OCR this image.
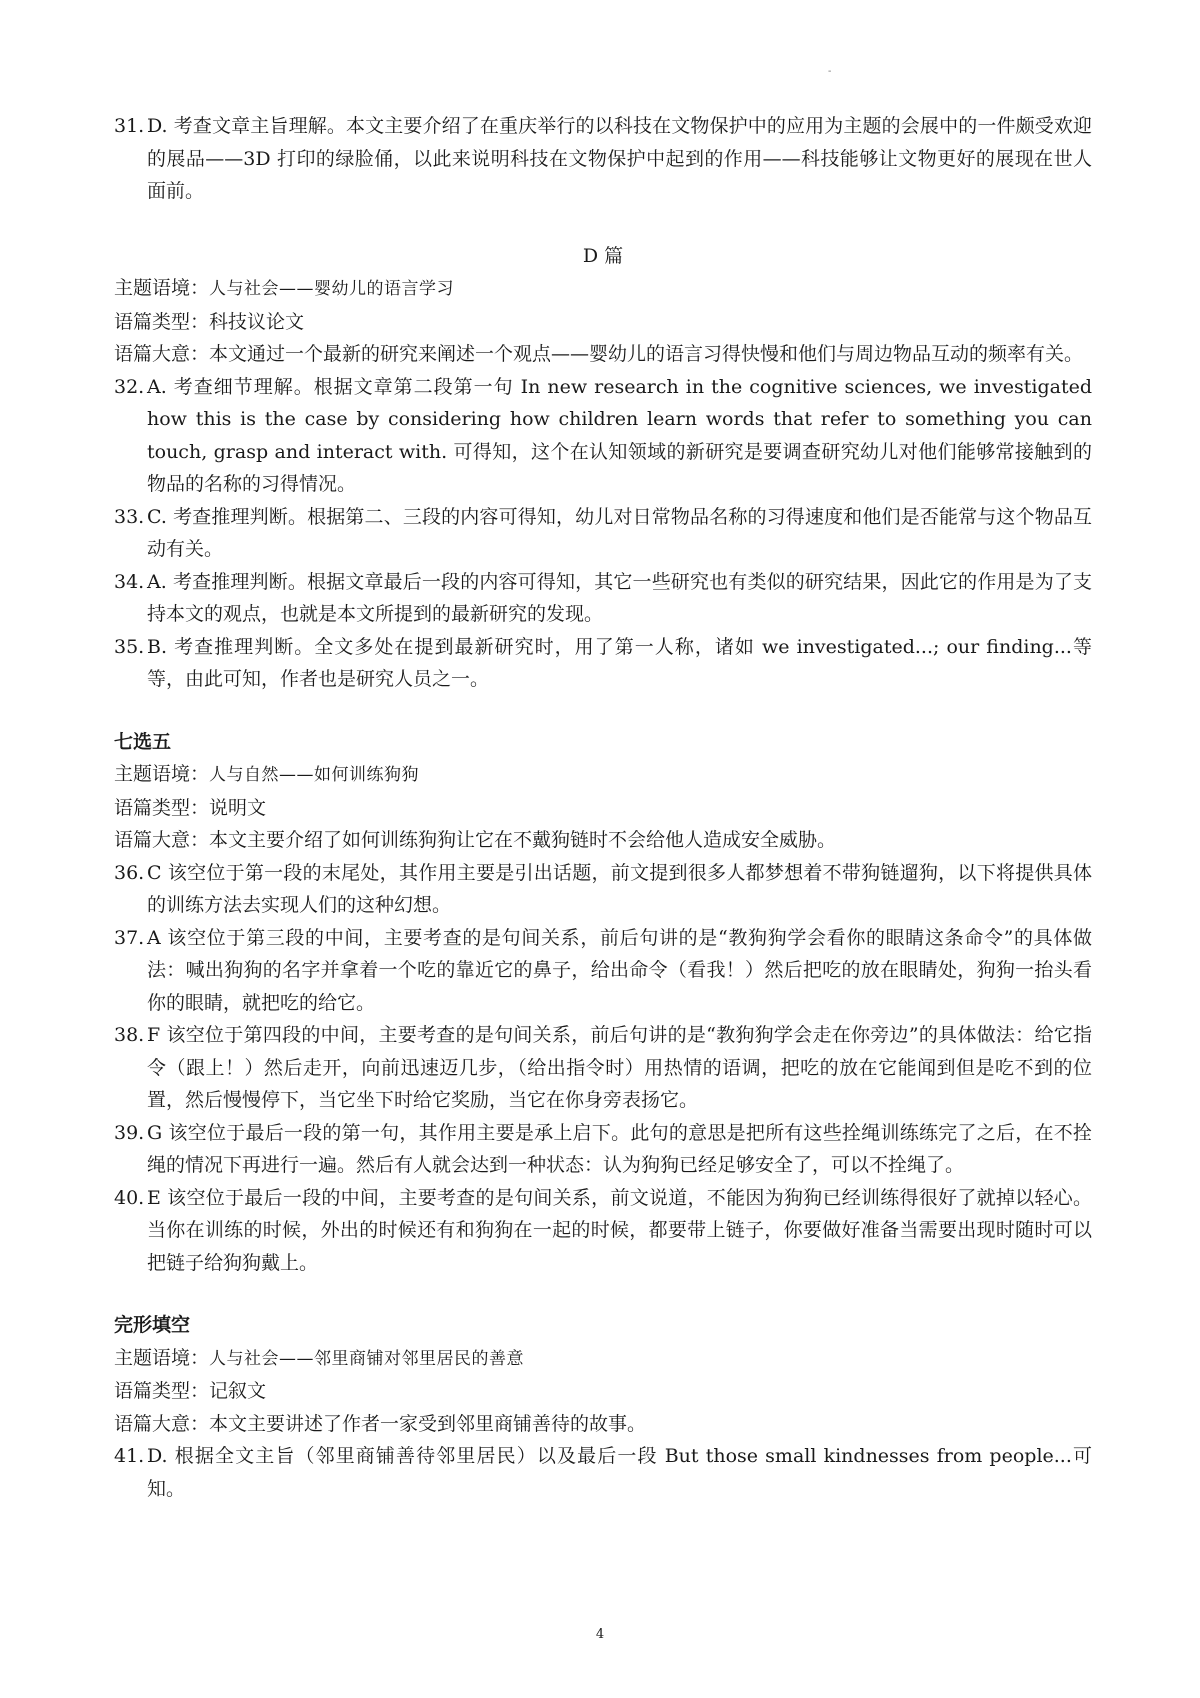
-
31. D. 考查文章主旨理解。本文主要介绍了在重庆举行的以科技在文物保护中的应用为主题的会展中的一件颇受欢迎的展品——3D 打印的绿脸俑，以此来说明科技在文物保护中起到的作用——科技能够让文物更好的展现在世人面前。
D 篇
主题语境：人与社会——婴幼儿的语言学习
语篇类型：科技议论文
语篇大意：本文通过一个最新的研究来阐述一个观点——婴幼儿的语言习得快慢和他们与周边物品互动的频率有关。
32. A. 考查细节理解。根据文章第二段第一句 In new research in the cognitive sciences, we investigated how this is the case by considering how children learn words that refer to something you can touch, grasp and interact with. 可得知，这个在认知领域的新研究是要调查研究幼儿对他们能够常接触到的物品的名称的习得情况。
33. C. 考查推理判断。根据第二、三段的内容可得知，幼儿对日常物品名称的习得速度和他们是否能常与这个物品互动有关。
34. A. 考查推理判断。根据文章最后一段的内容可得知，其它一些研究也有类似的研究结果，因此它的作用是为了支持本文的观点，也就是本文所提到的最新研究的发现。
35. B. 考查推理判断。全文多处在提到最新研究时，用了第一人称，诸如 we investigated...; our finding...等等，由此可知，作者也是研究人员之一。
七选五
主题语境：人与自然——如何训练狗狗
语篇类型：说明文
语篇大意：本文主要介绍了如何训练狗狗让它在不戴狗链时不会给他人造成安全威胁。
36. C 该空位于第一段的末尾处，其作用主要是引出话题，前文提到很多人都梦想着不带狗链遛狗，以下将提供具体的训练方法去实现人们的这种幻想。
37. A 该空位于第三段的中间，主要考查的是句间关系，前后句讲的是“教狗狗学会看你的眼睛这条命令”的具体做法：喊出狗狗的名字并拿着一个吃的靠近它的鼻子，给出命令（看我！）然后把吃的放在眼睛处，狗狗一抬头看你的眼睛，就把吃的给它。
38. F 该空位于第四段的中间，主要考查的是句间关系，前后句讲的是“教狗狗学会走在你旁边”的具体做法：给它指令（跟上！）然后走开，向前迅速迈几步，（给出指令时）用热情的语调，把吃的放在它能闻到但是吃不到的位置，然后慢慢停下，当它坐下时给它奖励，当它在你身旁表扬它。
39. G 该空位于最后一段的第一句，其作用主要是承上启下。此句的意思是把所有这些拴绳训练练完了之后，在不拴绳的情况下再进行一遍。然后有人就会达到一种状态：认为狗狗已经足够安全了，可以不拴绳了。
40. E 该空位于最后一段的中间，主要考查的是句间关系，前文说道，不能因为狗狗已经训练得很好了就掉以轻心。当你在训练的时候，外出的时候还有和狗狗在一起的时候，都要带上链子，你要做好准备当需要出现时随时可以把链子给狗狗戴上。
完形填空
主题语境：人与社会——邻里商铺对邻里居民的善意
语篇类型：记叙文
语篇大意：本文主要讲述了作者一家受到邻里商铺善待的故事。
41. D. 根据全文主旨（邻里商铺善待邻里居民）以及最后一段 But those small kindnesses from people...可知。
4
